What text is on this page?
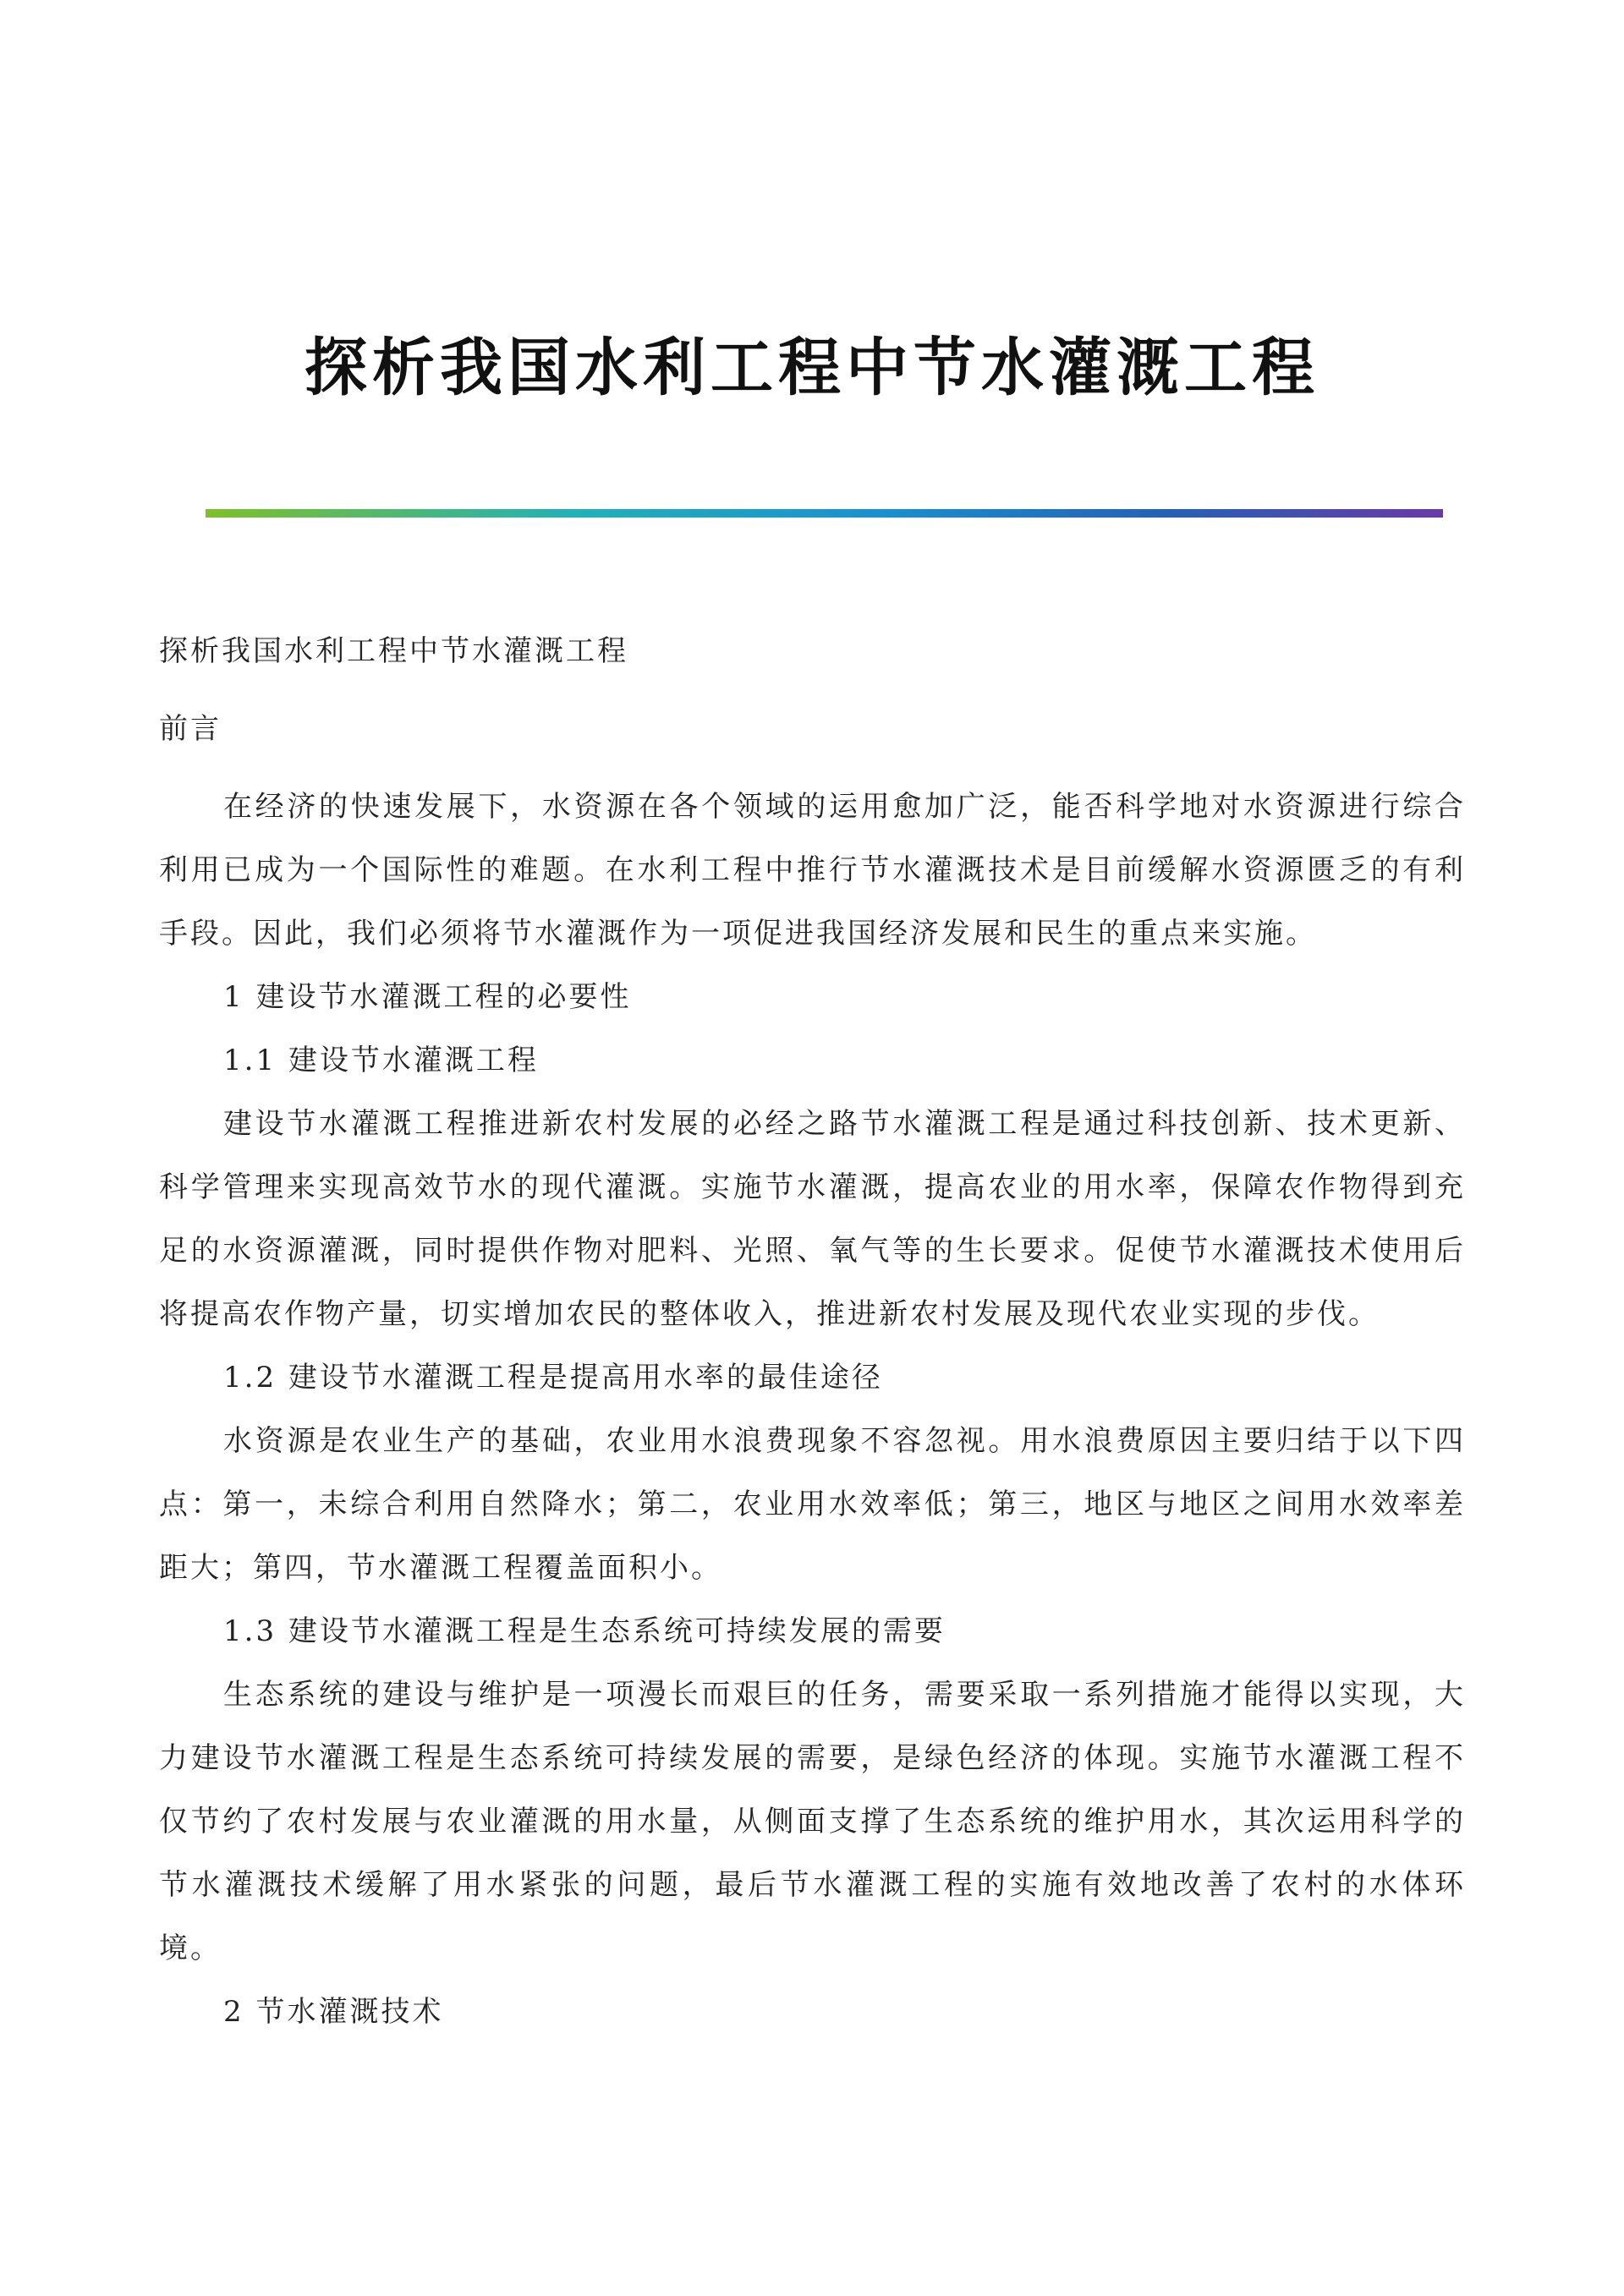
探析我国水利工程中节水灌溉工程

探析我国水利工程中节水灌溉工程

前言

在经济的快速发展下，水资源在各个领域的运用愈加广泛，能否科学地对水资源进行综合利用已成为一个国际性的难题。在水利工程中推行节水灌溉技术是目前缓解水资源匮乏的有利手段。因此，我们必须将节水灌溉作为一项促进我国经济发展和民生的重点来实施。

1 建设节水灌溉工程的必要性

1.1 建设节水灌溉工程

建设节水灌溉工程推进新农村发展的必经之路节水灌溉工程是通过科技创新、技术更新、科学管理来实现高效节水的现代灌溉。实施节水灌溉，提高农业的用水率，保障农作物得到充足的水资源灌溉，同时提供作物对肥料、光照、氧气等的生长要求。促使节水灌溉技术使用后将提高农作物产量，切实增加农民的整体收入，推进新农村发展及现代农业实现的步伐。

1.2 建设节水灌溉工程是提高用水率的最佳途径

水资源是农业生产的基础，农业用水浪费现象不容忽视。用水浪费原因主要归结于以下四点：第一，未综合利用自然降水；第二，农业用水效率低；第三，地区与地区之间用水效率差距大；第四，节水灌溉工程覆盖面积小。

1.3 建设节水灌溉工程是生态系统可持续发展的需要

生态系统的建设与维护是一项漫长而艰巨的任务，需要采取一系列措施才能得以实现，大力建设节水灌溉工程是生态系统可持续发展的需要，是绿色经济的体现。实施节水灌溉工程不仅节约了农村发展与农业灌溉的用水量，从侧面支撑了生态系统的维护用水，其次运用科学的节水灌溉技术缓解了用水紧张的问题，最后节水灌溉工程的实施有效地改善了农村的水体环境。

2 节水灌溉技术
